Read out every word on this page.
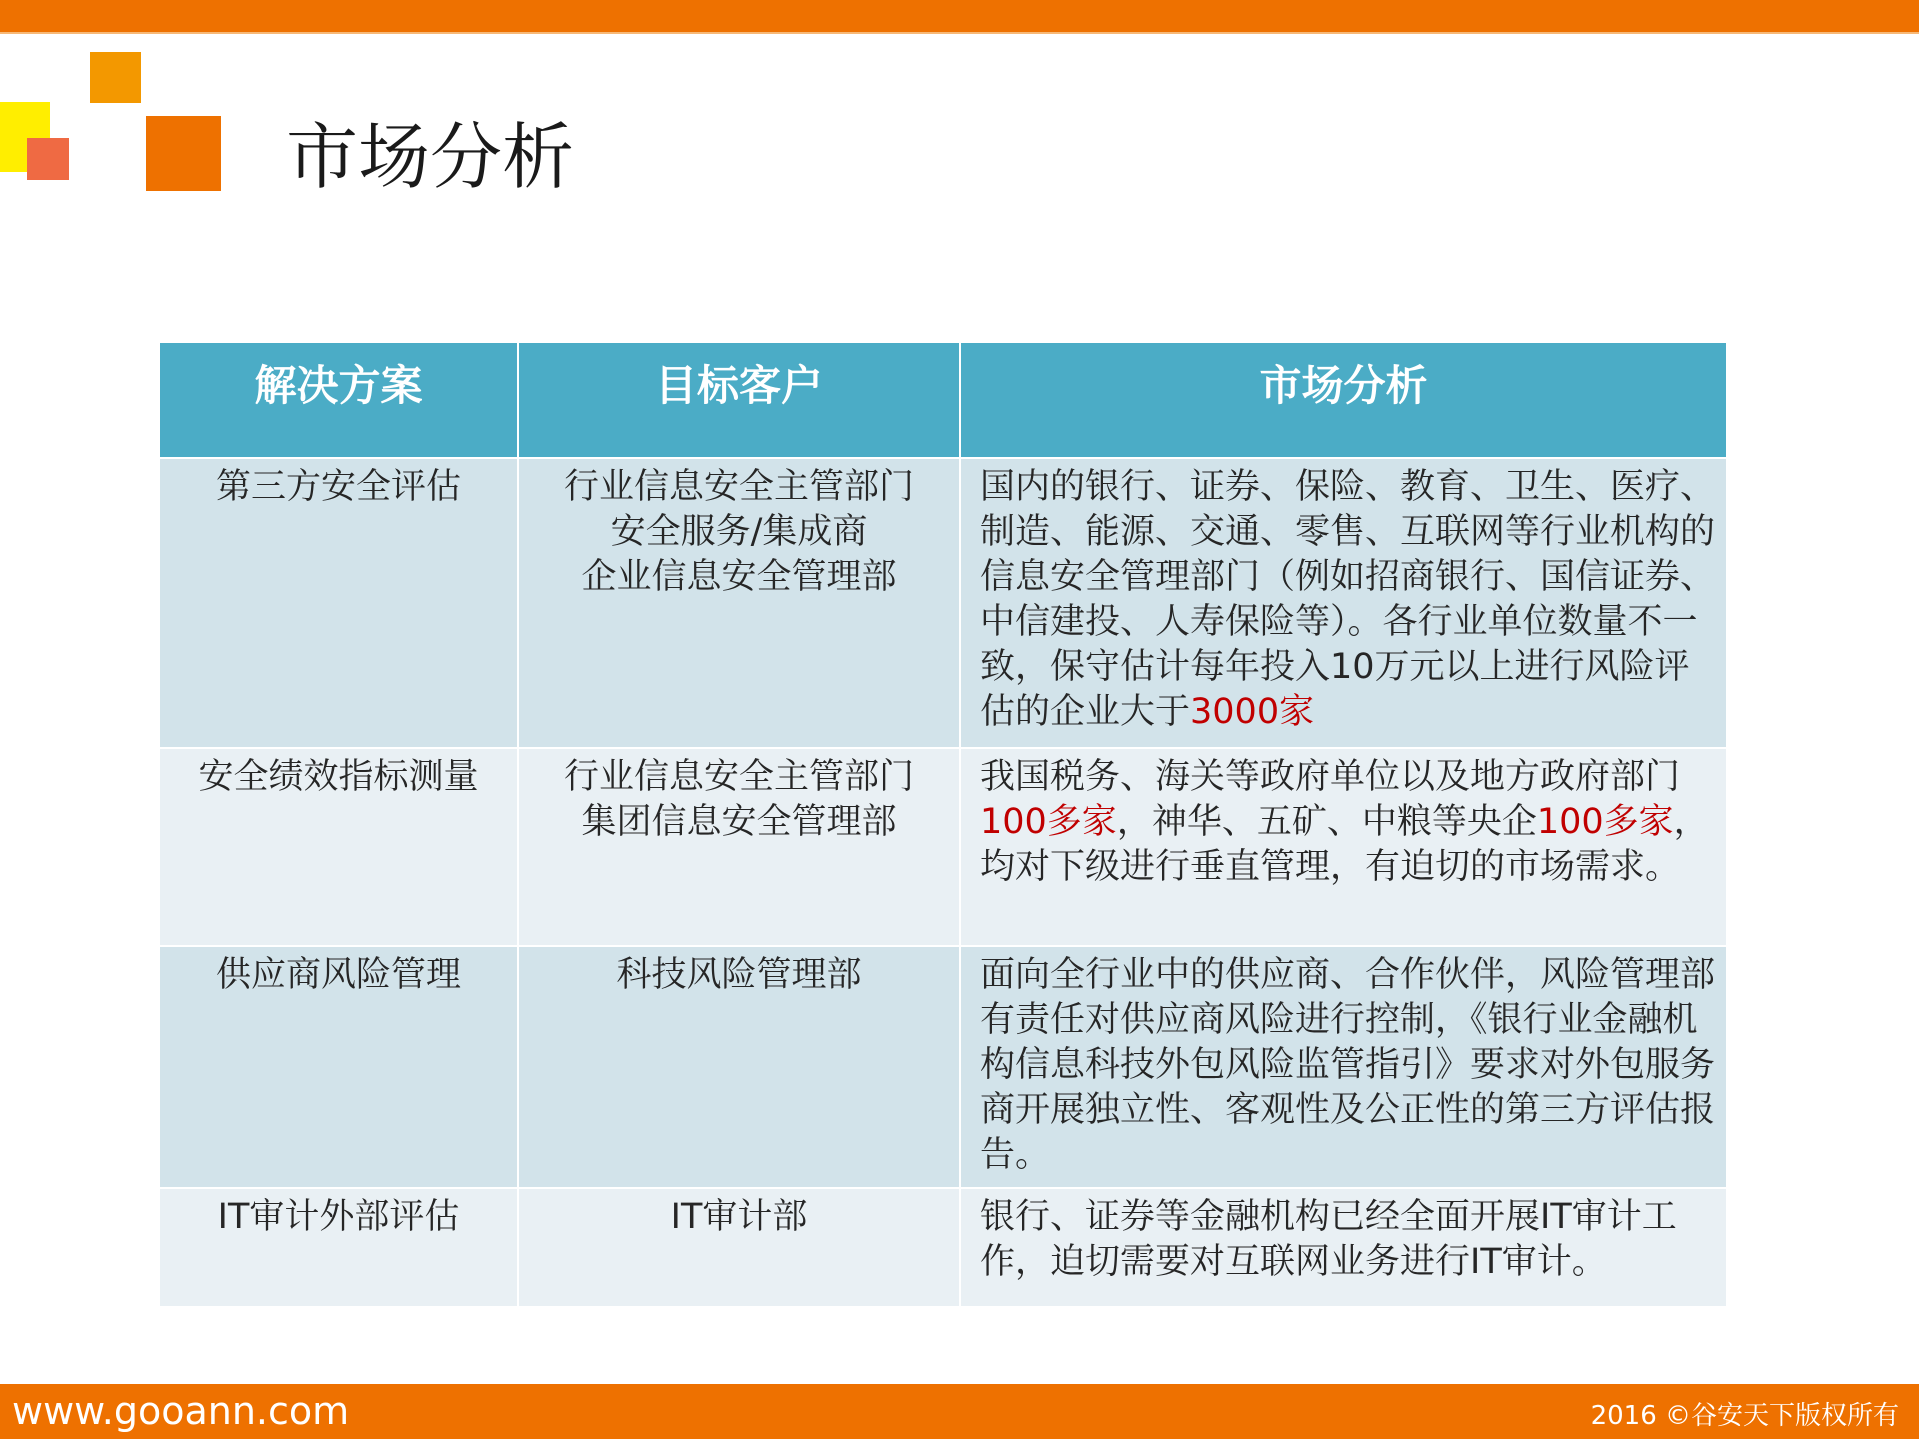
市场分析
解决方案	目标客户	市场分析
第三方安全评估	行业信息安全主管部门
安全服务/集成商
企业信息安全管理部	国内的银行、证券、保险、教育、卫生、医疗、制造、能源、交通、零售、互联网等行业机构的信息安全管理部门（例如招商银行、国信证券、中信建投、人寿保险等）。各行业单位数量不一致，保守估计每年投入10万元以上进行风险评估的企业大于3000家
安全绩效指标测量	行业信息安全主管部门
集团信息安全管理部	我国税务、海关等政府单位以及地方政府部门100多家，神华、五矿、中粮等央企100多家，均对下级进行垂直管理，有迫切的市场需求。
供应商风险管理	科技风险管理部	面向全行业中的供应商、合作伙伴，风险管理部有责任对供应商风险进行控制，《银行业金融机构信息科技外包风险监管指引》要求对外包服务商开展独立性、客观性及公正性的第三方评估报告。
IT审计外部评估	IT审计部	银行、证券等金融机构已经全面开展IT审计工作，迫切需要对互联网业务进行IT审计。
www.gooann.com	2016 ©谷安天下版权所有
